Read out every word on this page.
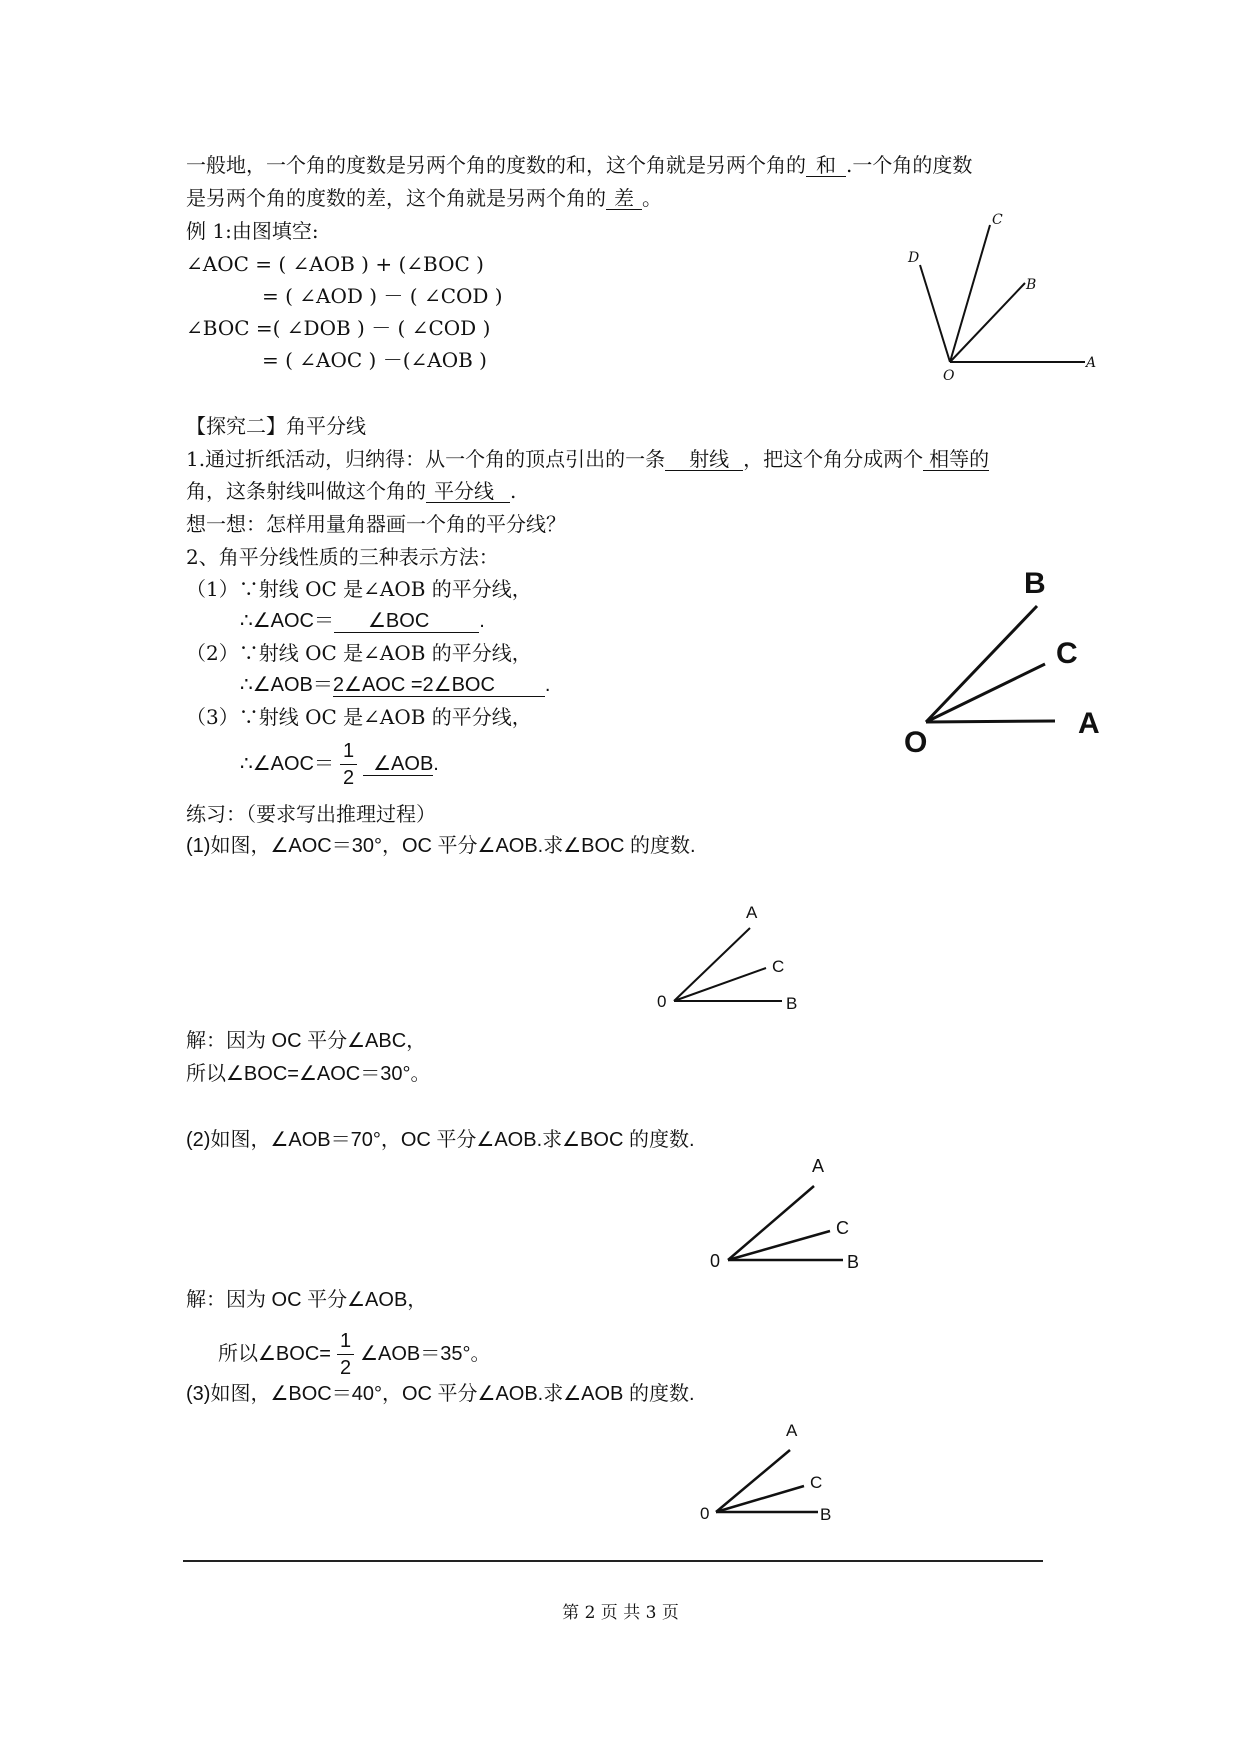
一般地，一个角的度数是另两个角的度数的和，这个角就是另两个角的 和 .一个角的度数
是另两个角的度数的差，这个角就是另两个角的 差 。
例 1:由图填空:
∠AOC = ( ∠AOB ) + (∠BOC )
= ( ∠AOD ) － ( ∠COD )
∠BOC =( ∠DOB ) － ( ∠COD )
= ( ∠AOC ) －(∠AOB )
C
D
B
O
A
【探究二】角平分线
1.通过折纸活动，归纳得：从一个角的顶点引出的一条 射线 ，把这个角分成两个 相等的
角，这条射线叫做这个角的 平分线 .
想一想：怎样用量角器画一个角的平分线？
2、角平分线性质的三种表示方法：
（1）∵射线 OC 是∠AOB 的平分线，
∴∠AOC＝ ∠BOC	.
（2）∵射线 OC 是∠AOB 的平分线，
∴∠AOB＝2∠AOC =2∠BOC	.
（3）∵射线 OC 是∠AOB 的平分线，
∴∠AOC＝ $\frac{1}{2}$ ∠AOB.
B
C
A
O
练习：（要求写出推理过程）
(1)如图，∠AOC＝30°，OC 平分∠AOB.求∠BOC 的度数.
A
C
0	B
解：因为 OC 平分∠ABC，
所以∠BOC=∠AOC＝30°。
(2)如图，∠AOB＝70°，OC 平分∠AOB.求∠BOC 的度数.
A
C
0	B
解：因为 OC 平分∠AOB，
所以∠BOC= $\frac{1}{2}$ ∠AOB＝35°。
(3)如图，∠BOC＝40°，OC 平分∠AOB.求∠AOB 的度数.
A
C
0	B
第 2 页 共 3 页
